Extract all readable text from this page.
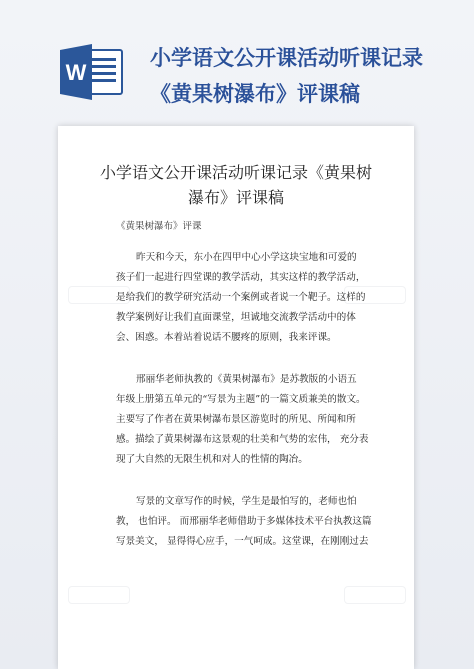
W
小学语文公开课活动听课记录
《黄果树瀑布》评课稿
小学语文公开课活动听课记录《黄果树
瀑布》评课稿
《黄果树瀑布》评课
昨天和今天，东小在四甲中心小学这块宝地和可爱的
孩子们一起进行四堂课的教学活动，其实这样的教学活动，
是给我们的教学研究活动一个案例或者说一个靶子。这样的
教学案例好让我们直面课堂，坦诚地交流教学活动中的体
会、困惑。本着站着说话不腰疼的原则，我来评课。
邢丽华老师执教的《黄果树瀑布》是苏教版的小语五
年级上册第五单元的“写景为主题”的一篇文质兼美的散文。
主要写了作者在黄果树瀑布景区游览时的所见、所闻和所
感。描绘了黄果树瀑布这景观的壮美和气势的宏伟， 充分表
现了大自然的无限生机和对人的性情的陶冶。
写景的文章写作的时候，学生是最怕写的，老师也怕
教， 也怕评。 而邢丽华老师借助于多媒体技术平台执教这篇
写景美文， 显得得心应手，一气呵成。这堂课，在刚刚过去
